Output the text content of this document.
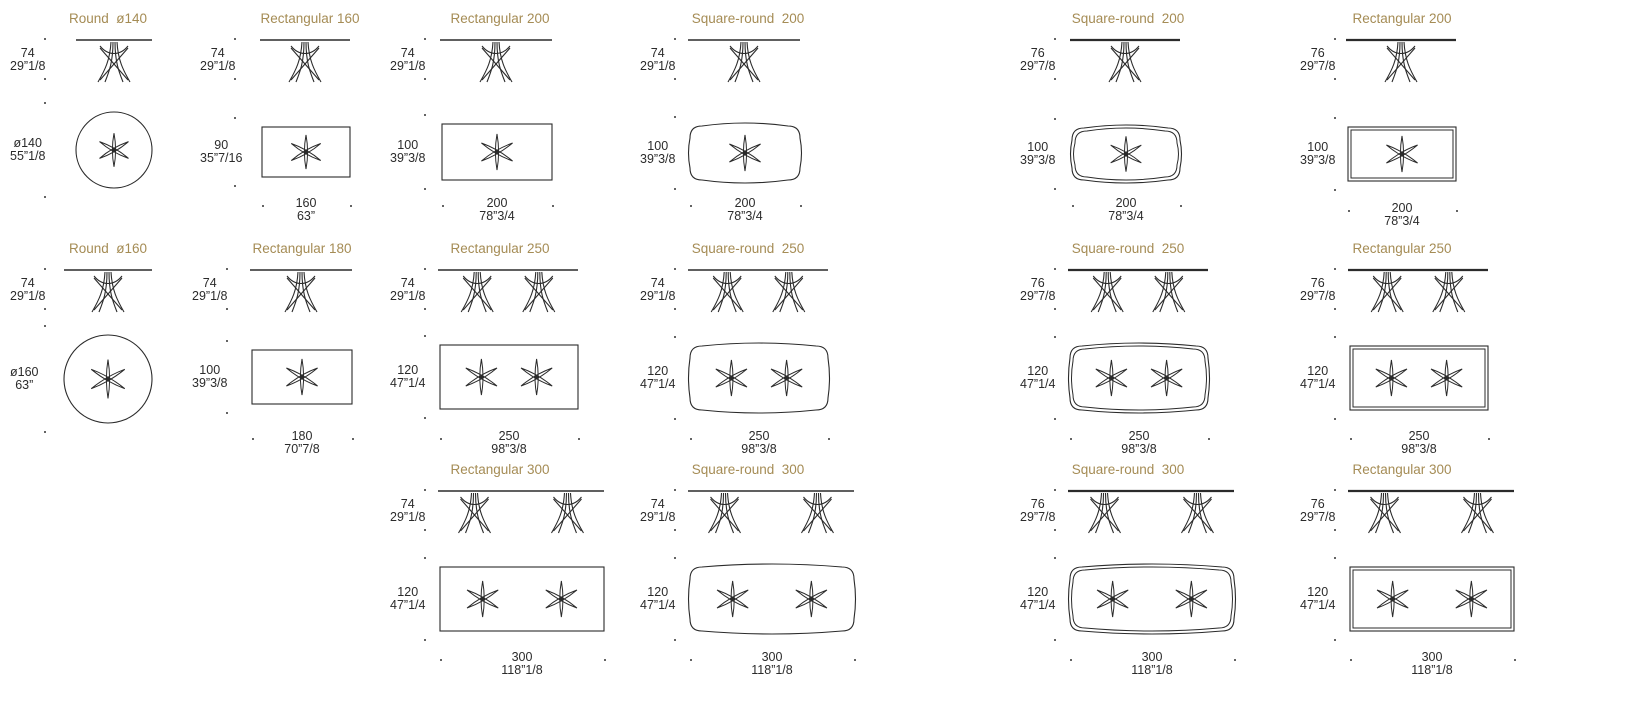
Round  ø140
74
29”1/8
ø140
55”1/8
Rectangular 160
74
29”1/8
90
35”7/16
160
63”
Rectangular 200
74
29”1/8
100
39”3/8
200
78”3/4
Square-round  200
74
29”1/8
100
39”3/8
200
78”3/4
Square-round  200
76
29”7/8
100
39”3/8
200
78”3/4
Rectangular 200
76
29”7/8
100
39”3/8
200
78”3/4
Round  ø160
74
29”1/8
ø160
63”
Rectangular 180
74
29”1/8
100
39”3/8
180
70”7/8
Rectangular 250
74
29”1/8
120
47”1/4
250
98”3/8
Square-round  250
74
29”1/8
120
47”1/4
250
98”3/8
Square-round  250
76
29”7/8
120
47”1/4
250
98”3/8
Rectangular 250
76
29”7/8
120
47”1/4
250
98”3/8
Rectangular 300
74
29”1/8
120
47”1/4
300
118”1/8
Square-round  300
74
29”1/8
120
47”1/4
300
118”1/8
Square-round  300
76
29”7/8
120
47”1/4
300
118”1/8
Rectangular 300
76
29”7/8
120
47”1/4
300
118”1/8
